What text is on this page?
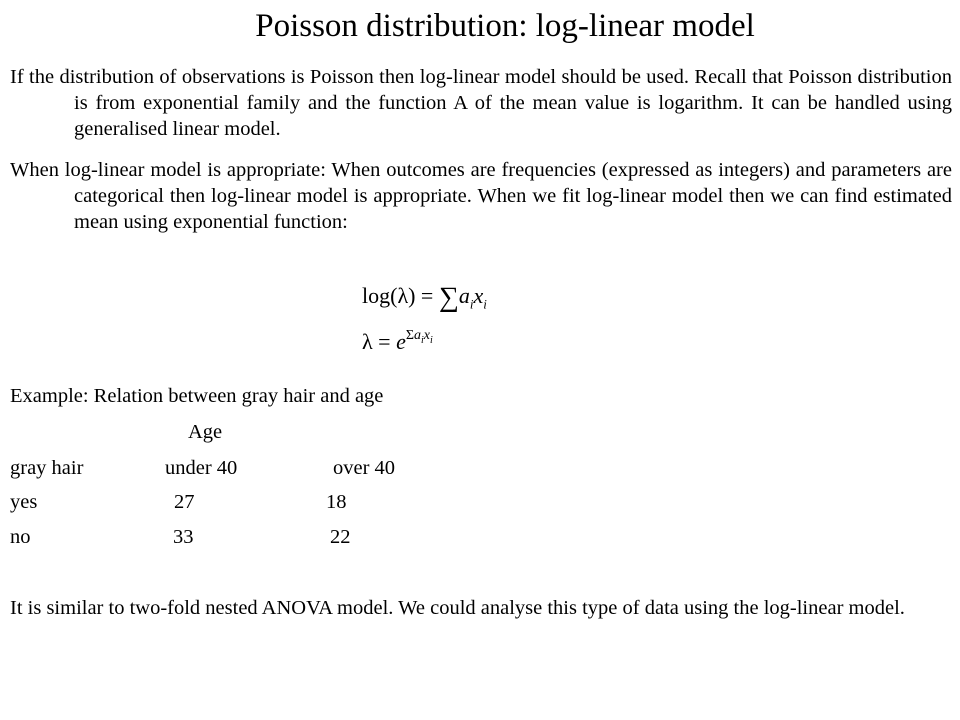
Poisson distribution: log-linear model
If the distribution of observations is Poisson then log-linear model should be used. Recall that Poisson distribution is from exponential family and the function A of the mean value is logarithm. It can be handled using generalised linear model.
When log-linear model is appropriate: When outcomes are frequencies (expressed as integers) and parameters are categorical then log-linear model is appropriate. When we fit log-linear model then we can find estimated mean using exponential function:
$\log(\lambda) = \sum a_ix_i$
$\lambda = e^{\Sigma a_ix_i}$
Example: Relation between gray hair and age
Age
gray hair	under 40	over 40
yes	27	18
no	33	22
It is similar to two-fold nested ANOVA model. We could analyse this type of data using the log-linear model.
